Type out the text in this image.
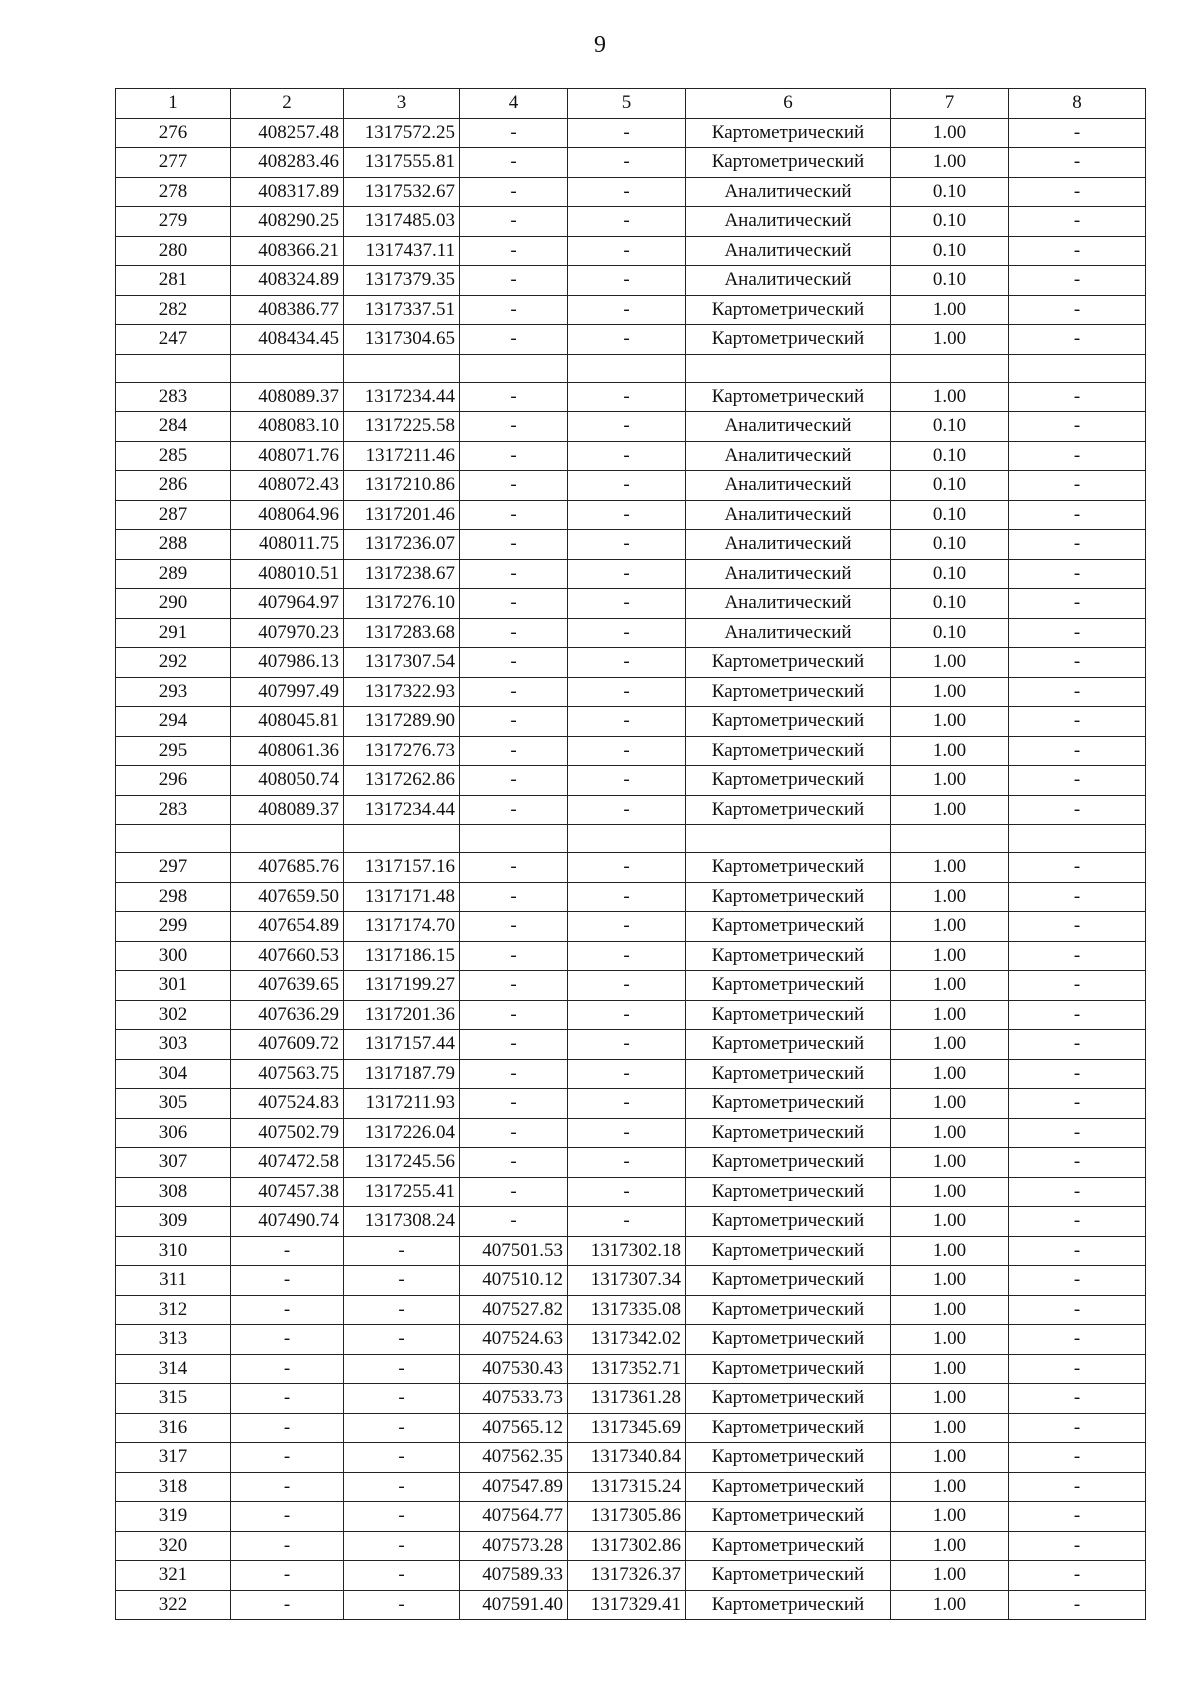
9
1	2	3	4	5	6	7	8
276	408257.48	1317572.25	-	-	Картометрический	1.00	-
277	408283.46	1317555.81	-	-	Картометрический	1.00	-
278	408317.89	1317532.67	-	-	Аналитический	0.10	-
279	408290.25	1317485.03	-	-	Аналитический	0.10	-
280	408366.21	1317437.11	-	-	Аналитический	0.10	-
281	408324.89	1317379.35	-	-	Аналитический	0.10	-
282	408386.77	1317337.51	-	-	Картометрический	1.00	-
247	408434.45	1317304.65	-	-	Картометрический	1.00	-

283	408089.37	1317234.44	-	-	Картометрический	1.00	-
284	408083.10	1317225.58	-	-	Аналитический	0.10	-
285	408071.76	1317211.46	-	-	Аналитический	0.10	-
286	408072.43	1317210.86	-	-	Аналитический	0.10	-
287	408064.96	1317201.46	-	-	Аналитический	0.10	-
288	408011.75	1317236.07	-	-	Аналитический	0.10	-
289	408010.51	1317238.67	-	-	Аналитический	0.10	-
290	407964.97	1317276.10	-	-	Аналитический	0.10	-
291	407970.23	1317283.68	-	-	Аналитический	0.10	-
292	407986.13	1317307.54	-	-	Картометрический	1.00	-
293	407997.49	1317322.93	-	-	Картометрический	1.00	-
294	408045.81	1317289.90	-	-	Картометрический	1.00	-
295	408061.36	1317276.73	-	-	Картометрический	1.00	-
296	408050.74	1317262.86	-	-	Картометрический	1.00	-
283	408089.37	1317234.44	-	-	Картометрический	1.00	-

297	407685.76	1317157.16	-	-	Картометрический	1.00	-
298	407659.50	1317171.48	-	-	Картометрический	1.00	-
299	407654.89	1317174.70	-	-	Картометрический	1.00	-
300	407660.53	1317186.15	-	-	Картометрический	1.00	-
301	407639.65	1317199.27	-	-	Картометрический	1.00	-
302	407636.29	1317201.36	-	-	Картометрический	1.00	-
303	407609.72	1317157.44	-	-	Картометрический	1.00	-
304	407563.75	1317187.79	-	-	Картометрический	1.00	-
305	407524.83	1317211.93	-	-	Картометрический	1.00	-
306	407502.79	1317226.04	-	-	Картометрический	1.00	-
307	407472.58	1317245.56	-	-	Картометрический	1.00	-
308	407457.38	1317255.41	-	-	Картометрический	1.00	-
309	407490.74	1317308.24	-	-	Картометрический	1.00	-
310	-	-	407501.53	1317302.18	Картометрический	1.00	-
311	-	-	407510.12	1317307.34	Картометрический	1.00	-
312	-	-	407527.82	1317335.08	Картометрический	1.00	-
313	-	-	407524.63	1317342.02	Картометрический	1.00	-
314	-	-	407530.43	1317352.71	Картометрический	1.00	-
315	-	-	407533.73	1317361.28	Картометрический	1.00	-
316	-	-	407565.12	1317345.69	Картометрический	1.00	-
317	-	-	407562.35	1317340.84	Картометрический	1.00	-
318	-	-	407547.89	1317315.24	Картометрический	1.00	-
319	-	-	407564.77	1317305.86	Картометрический	1.00	-
320	-	-	407573.28	1317302.86	Картометрический	1.00	-
321	-	-	407589.33	1317326.37	Картометрический	1.00	-
322	-	-	407591.40	1317329.41	Картометрический	1.00	-
